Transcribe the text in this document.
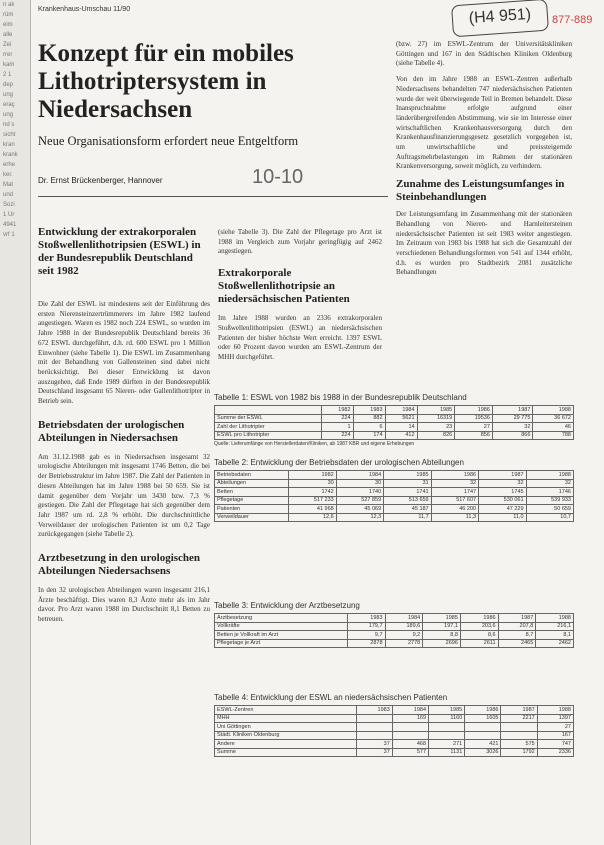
n ak
rüm
eim
alle
Zei
rrer
kam
2 1
dep
ung
eraç
ung
nd s
sicht
kran
krank
erhe
ker.
Mat
und
Sozi
1 Ur
4941
vrf 1
Krankenhaus-Umschau 11/90	(H4 951)	877-889
Konzept für ein mobiles Lithotriptersystem in Niedersachsen
Neue Organisationsform erfordert neue Entgeltform
Dr. Ernst Brückenberger, Hannover	10-10
Entwicklung der extrakorporalen Stoßwellenlithotripsien (ESWL) in der Bundesrepublik Deutschland seit 1982
Die Zahl der ESWL ist mindestens seit der Einführung des ersten Nierensteinzertrümmerers im Jahre 1982 laufend angestiegen. Waren es 1982 noch 224 ESWL, so wurden im Jahre 1988 in der Bundesrepublik Deutschland bereits 36 672 ESWL durchgeführt, d.h. rd. 600 ESWL pro 1 Million Einwohner (siehe Tabelle 1). Die ESWL im Zusammenhang mit der Behandlung von Gallensteinen sind dabei nicht berücksichtigt. Bei dieser Entwicklung ist davon auszugehen, daß Ende 1989 dürften in der Bundesrepublik Deutschland insgesamt 65 Nieren- oder Gallenlithotripter in Betrieb sein.
Betriebsdaten der urologischen Abteilungen in Niedersachsen
Am 31.12.1988 gab es in Niedersachsen insgesamt 32 urologische Abteilungen mit insgesamt 1746 Betten, die bei der Betriebsstruktur im Jahre 1987. Die Zahl der Patienten in diesen Abteilungen hat im Jahre 1988 bei 50 659. Sie ist damit gegenüber dem Vorjahr um 3430 bzw. 7,3 % gestiegen. Die Zahl der Pflegetage hat sich gegenüber dem Jahr 1987 um rd. 2,8 % erhöht. Die durchschnittliche Verweildauer der urologischen Patienten ist um 0,2 Tage zurückgegangen (siehe Tabelle 2).
Arztbesetzung in den urologischen Abteilungen Niedersachsens
In den 32 urologischen Abteilungen waren insgesamt 216,1 Ärzte beschäftigt. Dies waren 8,3 Ärzte mehr als im Jahr davor. Pro Arzt waren 1988 im Durchschnitt 8,1 Betten zu betreuen.
(siehe Tabelle 3). Die Zahl der Pflegetage pro Arzt ist 1988 im Vergleich zum Vorjahr geringfügig auf 2462 angestiegen.
Extrakorporale Stoßwellenlithotripsie an niedersächsischen Patienten
Im Jahre 1988 wurden an 2336 extrakorporalen Stoßwellenlithotripsien (ESWL) an niedersächsischen Patienten der bisher höchste Wert erreicht. 1397 ESWL oder 60 Prozent davon wurden am ESWL-Zentrum der MHH durchgeführt.
(bzw. 27) im ESWL-Zentrum der Universitätskliniken Göttingen und 167 in den Städtischen Kliniken Oldenburg (siehe Tabelle 4).
Von den im Jahre 1988 an ESWL-Zentren außerhalb Niedersachsens behandelten 747 niedersächsischen Patienten wurde der weit überwiegende Teil in Bremen behandelt. Diese Inanspruchnahme erfolgte aufgrund einer länderübergreifenden Abstimmung, wie sie im Interesse einer wirtschaftlichen Krankenhausversorgung durch den Krankenhausfinanzierungsgesetz gesetzlich vorgegeben ist, um unwirtschaftliche und preissteigernde Auftragsmehrbelastungen im Rahmen der stationären Krankenversorgung, soweit möglich, zu verhindern.
Zunahme des Leistungsumfanges in Steinbehandlungen
Der Leistungsumfang im Zusammenhang mit der stationären Behandlung von Nieren- und Harnleitersteinen niedersächsischer Patienten ist seit 1983 weiter angestiegen. Im Zeitraum von 1983 bis 1988 hat sich die Gesamtzahl der verschiedenen Behandlungsformen von 541 auf 1344 erhöht, d.h. es wurden pro Stadtbezirk 2081 zusätzliche Behandlungen
Tabelle 1: ESWL von 1982 bis 1988 in der Bundesrepublik Deutschland
	1982	1983	1984	1985	1986	1987	1988
Summe der ESWL	224	882	5621	16319	19536	29 775	36 672
Zahl der Lithotripter	1	6	14	23	27	32	46
ESWL pro Lithotripter	224	174	412	826	856	866	788
Quelle: Lieferumfänge von Herstellerdaten/Kliniken, ab 1987 KBR und eigene Erhebungen
Tabelle 2: Entwicklung der Betriebsdaten der urologischen Abteilungen
Betriebsdaten	1982	1984	1985	1986	1987	1988
Abteilungen	30	30	31	32	32	32
Betten	1742	1740	1741	1747	1745	1746
Pflegetage	517 233	527 859	513 659	517 607	530 061	539 933
Patienten	41 968	45 069	45 187	46 200	47 229	50 659
Verweildauer	12,6	12,3	11,7	11,3	11,0	10,7
Tabelle 3: Entwicklung der Arztbesetzung
Arztbesetzung	1983	1984	1985	1986	1987	1988
Vollkräfte	179,7	189,6	197,1	203,6	207,8	216,1
Betten je Vollkraft im Arzt	9,7	9,2	8,8	8,6	8,7	8,1
Pflegetage je Arzt	2878	2778	2696	2611	2465	2462
Tabelle 4: Entwicklung der ESWL an niedersächsischen Patienten
ESWL-Zentren	1983	1984	1985	1986	1987	1988
MHH		169	1160	1605	2217	1397
Uni Göttingen						27
Städt. Kliniken Oldenburg						167
Andere	37	468	271	421	575	747
Summe	37	577	1131	3026	1792	2336
